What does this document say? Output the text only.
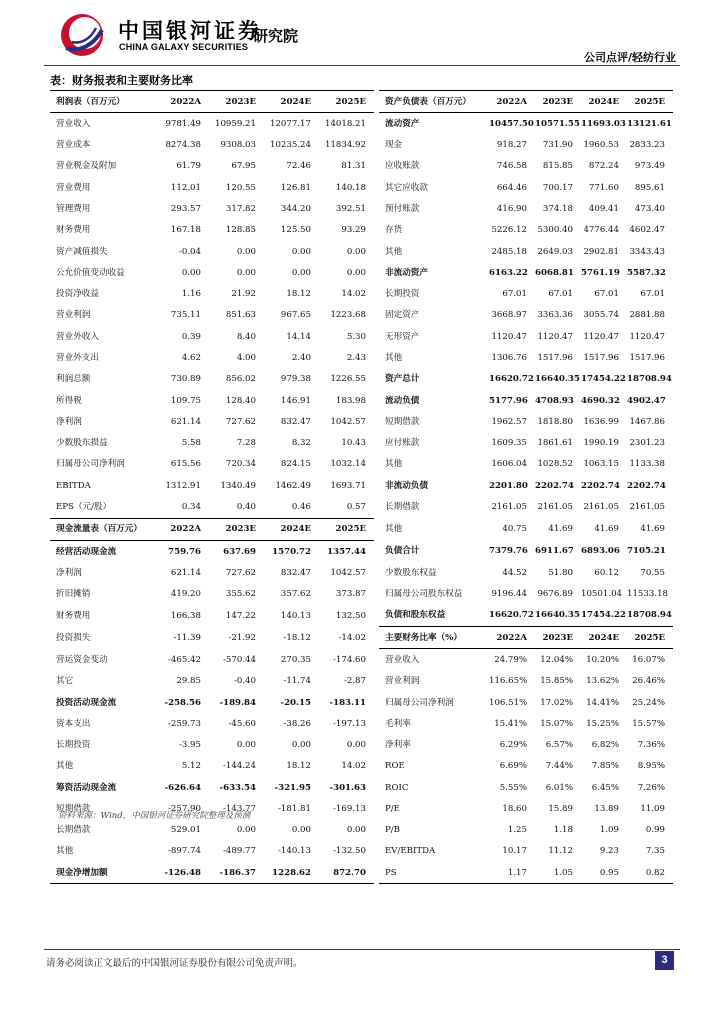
中国银河证券
CHINA GALAXY SECURITIES
研究院
公司点评/轻纺行业
表：财务报表和主要财务比率
利润表（百万元）	2022A	2023E	2024E	2025E		资产负债表（百万元）	2022A	2023E	2024E	2025E
营业收入	9781.49	10959.21	12077.17	14018.21		流动资产	10457.50	10571.55	11693.03	13121.61
营业成本	8274.38	9308.03	10235.24	11834.92		现金	918.27	731.90	1960.53	2833.23
营业税金及附加	61.79	67.95	72.46	81.31		应收账款	746.58	815.85	872.24	973.49
营业费用	112.01	120.55	126.81	140.18		其它应收款	664.46	700.17	771.60	895.61
管理费用	293.57	317.82	344.20	392.51		预付账款	416.90	374.18	409.41	473.40
财务费用	167.18	128.85	125.50	93.29		存货	5226.12	5300.40	4776.44	4602.47
资产减值损失	-0.04	0.00	0.00	0.00		其他	2485.18	2649.03	2902.81	3343.43
公允价值变动收益	0.00	0.00	0.00	0.00		非流动资产	6163.22	6068.81	5761.19	5587.32
投资净收益	1.16	21.92	18.12	14.02		长期投资	67.01	67.01	67.01	67.01
营业利润	735.11	851.63	967.65	1223.68		固定资产	3668.97	3363.36	3055.74	2881.88
营业外收入	0.39	8.40	14.14	5.30		无形资产	1120.47	1120.47	1120.47	1120.47
营业外支出	4.62	4.00	2.40	2.43		其他	1306.76	1517.96	1517.96	1517.96
利润总额	730.89	856.02	979.38	1226.55		资产总计	16620.72	16640.35	17454.22	18708.94
所得税	109.75	128.40	146.91	183.98		流动负债	5177.96	4708.93	4690.32	4902.47
净利润	621.14	727.62	832.47	1042.57		短期借款	1962.57	1818.80	1636.99	1467.86
少数股东损益	5.58	7.28	8.32	10.43		应付账款	1609.35	1861.61	1990.19	2301.23
归属母公司净利润	615.56	720.34	824.15	1032.14		其他	1606.04	1028.52	1063.15	1133.38
EBITDA	1312.91	1340.49	1462.49	1693.71		非流动负债	2201.80	2202.74	2202.74	2202.74
EPS（元/股）	0.34	0.40	0.46	0.57		长期借款	2161.05	2161.05	2161.05	2161.05
现金流量表（百万元）	2022A	2023E	2024E	2025E		其他	40.75	41.69	41.69	41.69
经营活动现金流	759.76	637.69	1570.72	1357.44		负债合计	7379.76	6911.67	6893.06	7105.21
净利润	621.14	727.62	832.47	1042.57		少数股东权益	44.52	51.80	60.12	70.55
折旧摊销	419.20	355.62	357.62	373.87		归属母公司股东权益	9196.44	9676.89	10501.04	11533.18
财务费用	166.38	147.22	140.13	132.50		负债和股东权益	16620.72	16640.35	17454.22	18708.94
投资损失	-11.39	-21.92	-18.12	-14.02		主要财务比率（%）	2022A	2023E	2024E	2025E
营运资金变动	-465.42	-570.44	270.35	-174.60		营业收入	24.79%	12.04%	10.20%	16.07%
其它	29.85	-0.40	-11.74	-2.87		营业利润	116.65%	15.85%	13.62%	26.46%
投资活动现金流	-258.56	-189.84	-20.15	-183.11		归属母公司净利润	106.51%	17.02%	14.41%	25.24%
资本支出	-259.73	-45.60	-38.26	-197.13		毛利率	15.41%	15.07%	15.25%	15.57%
长期投资	-3.95	0.00	0.00	0.00		净利率	6.29%	6.57%	6.82%	7.36%
其他	5.12	-144.24	18.12	14.02		ROE	6.69%	7.44%	7.85%	8.95%
筹资活动现金流	-626.64	-633.54	-321.95	-301.63		ROIC	5.55%	6.01%	6.45%	7.26%
短期借款	-257.90	-143.77	-181.81	-169.13		P/E	18.60	15.89	13.89	11.09
长期借款	529.01	0.00	0.00	0.00		P/B	1.25	1.18	1.09	0.99
其他	-897.74	-489.77	-140.13	-132.50		EV/EBITDA	10.17	11.12	9.23	7.35
现金净增加额	-126.48	-186.37	1228.62	872.70		PS	1.17	1.05	0.95	0.82
资料来源：Wind，中国银河证券研究院整理及预测
请务必阅读正文最后的中国银河证券股份有限公司免责声明。	3
